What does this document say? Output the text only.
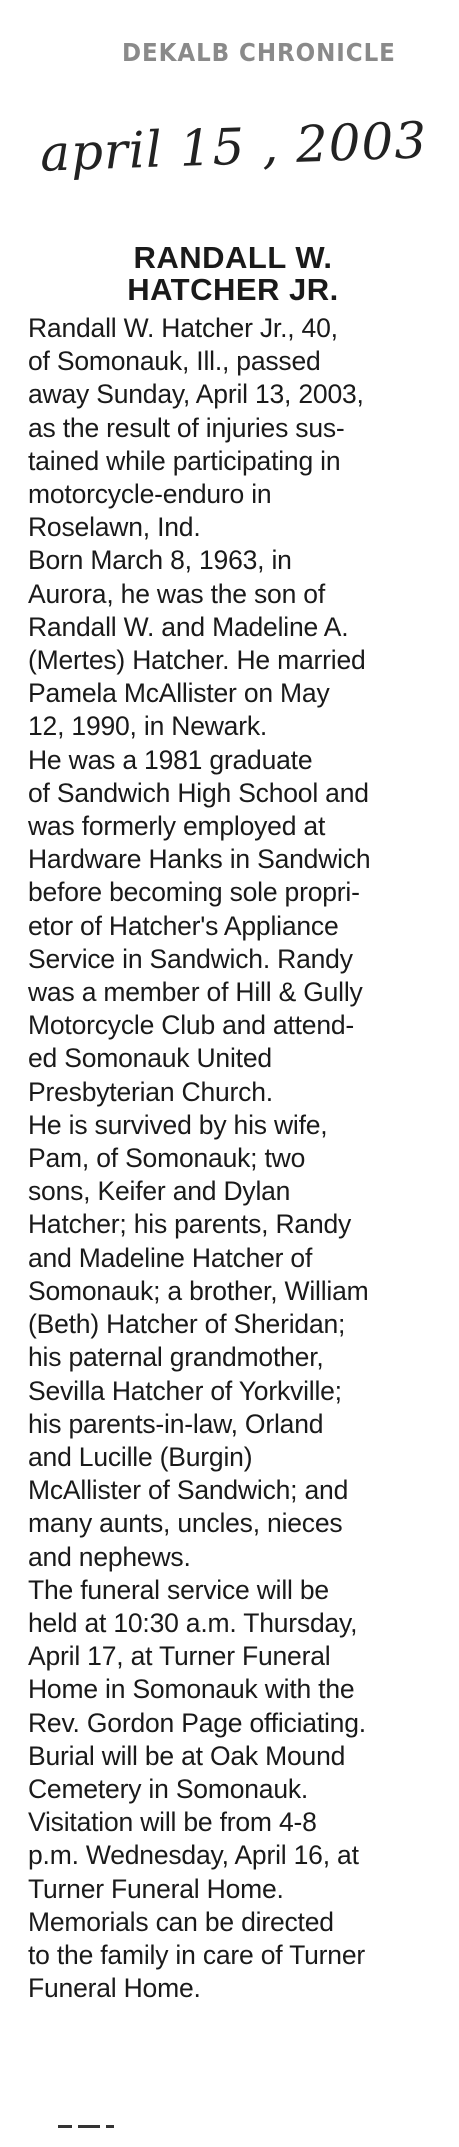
DEKALB CHRONICLE
april 15 , 2003
RANDALL W.
HATCHER JR.

Randall W. Hatcher Jr., 40,
of Somonauk, Ill., passed
away Sunday, April 13, 2003,
as the result of injuries sus-
tained while participating in
motorcycle-enduro in
Roselawn, Ind.

Born March 8, 1963, in
Aurora, he was the son of
Randall W. and Madeline A.
(Mertes) Hatcher. He married
Pamela McAllister on May
12, 1990, in Newark.

He was a 1981 graduate
of Sandwich High School and
was formerly employed at
Hardware Hanks in Sandwich
before becoming sole propri-
etor of Hatcher's Appliance
Service in Sandwich. Randy
was a member of Hill & Gully
Motorcycle Club and attend-
ed Somonauk United
Presbyterian Church.

He is survived by his wife,
Pam, of Somonauk; two
sons, Keifer and Dylan
Hatcher; his parents, Randy
and Madeline Hatcher of
Somonauk; a brother, William
(Beth) Hatcher of Sheridan;
his paternal grandmother,
Sevilla Hatcher of Yorkville;
his parents-in-law, Orland
and Lucille (Burgin)
McAllister of Sandwich; and
many aunts, uncles, nieces
and nephews.

The funeral service will be
held at 10:30 a.m. Thursday,
April 17, at Turner Funeral
Home in Somonauk with the
Rev. Gordon Page officiating.
Burial will be at Oak Mound
Cemetery in Somonauk.
Visitation will be from 4-8
p.m. Wednesday, April 16, at
Turner Funeral Home.

Memorials can be directed
to the family in care of Turner
Funeral Home.
